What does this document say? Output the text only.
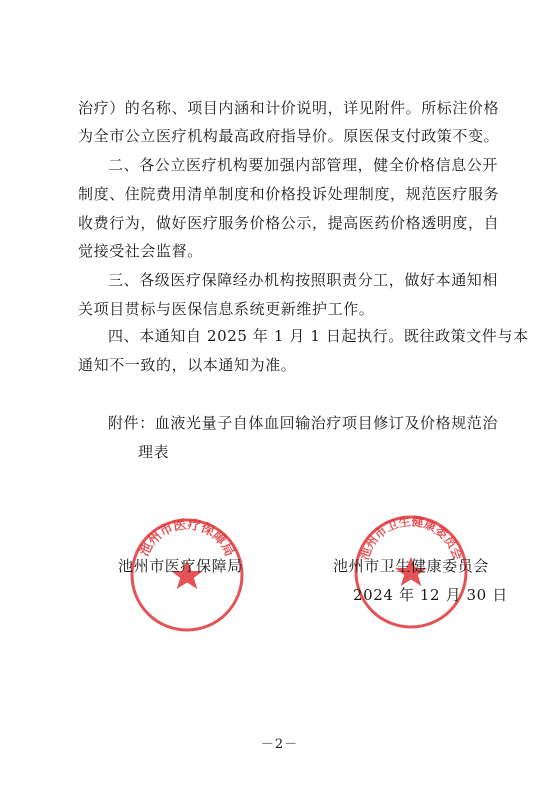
治疗）的名称、项目内涵和计价说明，详见附件。所标注价格
为全市公立医疗机构最高政府指导价。原医保支付政策不变。
二、各公立医疗机构要加强内部管理，健全价格信息公开
制度、住院费用清单制度和价格投诉处理制度，规范医疗服务
收费行为，做好医疗服务价格公示，提高医药价格透明度，自
觉接受社会监督。
三、各级医疗保障经办机构按照职责分工，做好本通知相
关项目贯标与医保信息系统更新维护工作。
四、本通知自 2025 年 1 月 1 日起执行。既往政策文件与本
通知不一致的，以本通知为准。
附件：血液光量子自体血回输治疗项目修订及价格规范治
理表
池州市医疗保障局	池州市卫生健康委员会
池州市医疗保障局	池州市卫生健康委员会
2024 年 12 月 30 日
－2－
